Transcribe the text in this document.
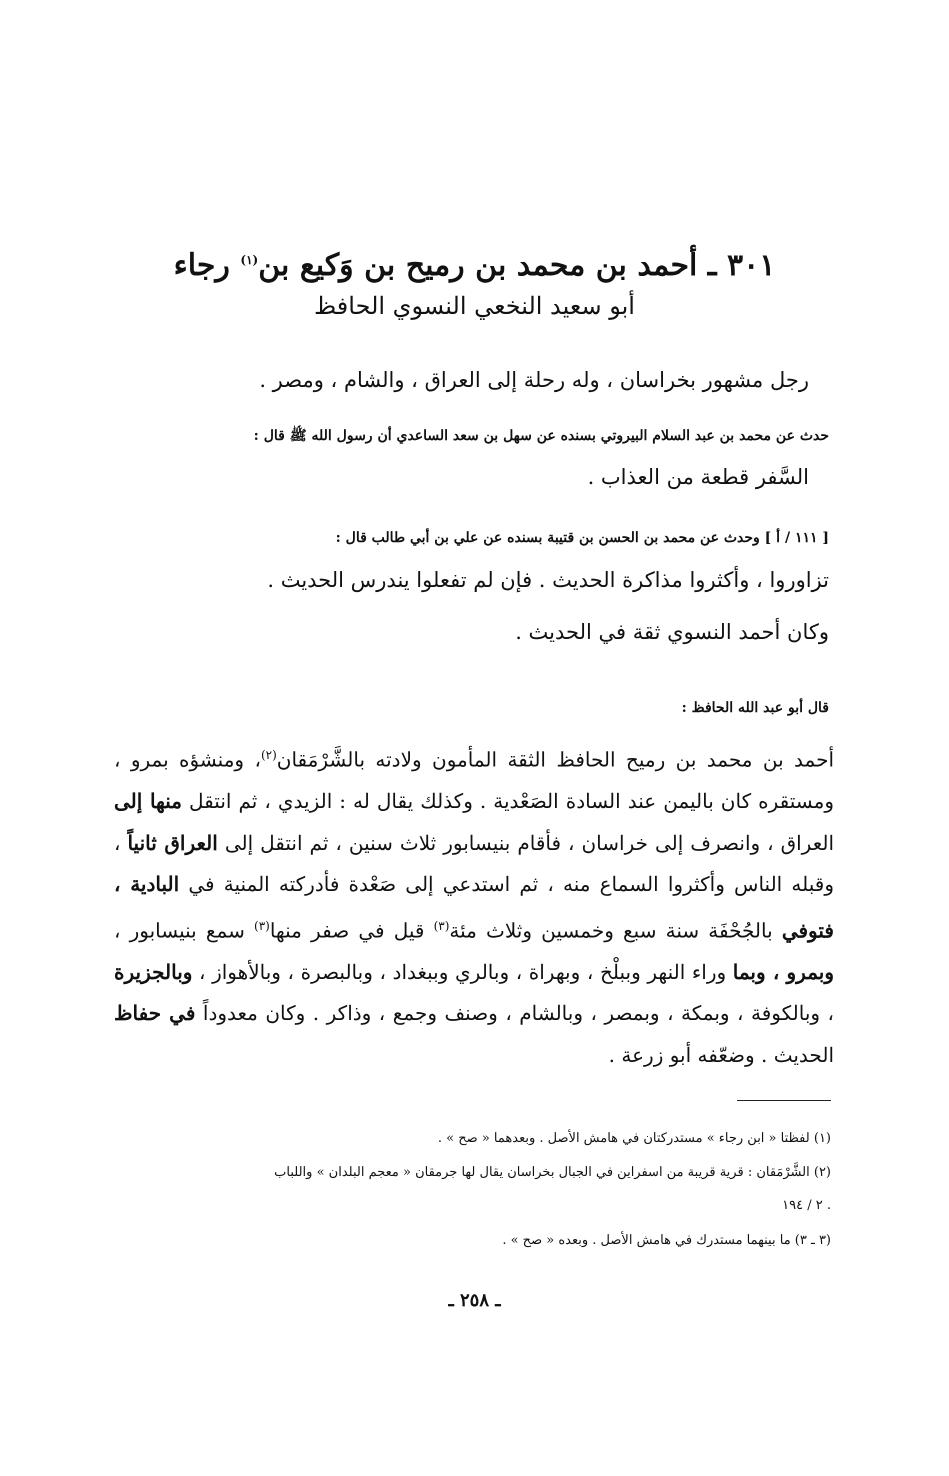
٣٠١ ـ أحمد بن محمد بن رميح بن وَكيع بن$^{(١)}$ رجاء
أبو سعيد النخعي النسوي الحافظ
رجل مشهور بخراسان ، وله رحلة إلى العراق ، والشام ، ومصر .
حدث عن محمد بن عبد السلام البيروتي بسنده عن سهل بن سعد الساعدي أن رسول الله ﷺ قال :
السَّفر قطعة من العذاب .
[ ١١١ / أ ] وحدث عن محمد بن الحسن بن قتيبة بسنده عن علي بن أبي طالب قال :
تزاوروا ، وأكثروا مذاكرة الحديث . فإن لم تفعلوا يندرس الحديث .
وكان أحمد النسوي ثقة في الحديث .
قال أبو عبد الله الحافظ :
أحمد بن محمد بن رميح الحافظ الثقة المأمون ولادته بالشَّرْمَقان$^{(٢)}$، ومنشؤه بمرو ، ومستقره كان باليمن عند السادة الصَعْدية . وكذلك يقال له : الزيدي ، ثم انتقل منها إلى العراق ، وانصرف إلى خراسان ، فأقام بنيسابور ثلاث سنين ، ثم انتقل إلى العراق ثانياً ، وقبله الناس وأكثروا السماع منه ، ثم استدعي إلى صَعْدة فأدركته المنية في البادية ، فتوفي بالجُحْفَة سنة سبع وخمسين وثلاث مئة$^{(٣)}$ قيل في صفر منها$^{(٣)}$ سمع بنيسابور ، وبمرو ، وبما وراء النهر وببلْخ ، وبهراة ، وبالري وببغداد ، وبالبصرة ، وبالأهواز ، وبالجزيرة ، وبالكوفة ، وبمكة ، وبمصر ، وبالشام ، وصنف وجمع ، وذاكر . وكان معدوداً في حفاظ الحديث . وضعّفه أبو زرعة .
(١) لفظتا « ابن رجاء » مستدركتان في هامش الأصل . وبعدهما « صح » .
(٢) الشَّرْمَقان : قرية قريبة من اسفراين في الجبال بخراسان يقال لها جرمقان « معجم البلدان » واللباب
٢ / ١٩٤ .
(٣ ـ ٣) ما بينهما مستدرك في هامش الأصل . وبعده « صح » .
ـ ٢٥٨ ـ
